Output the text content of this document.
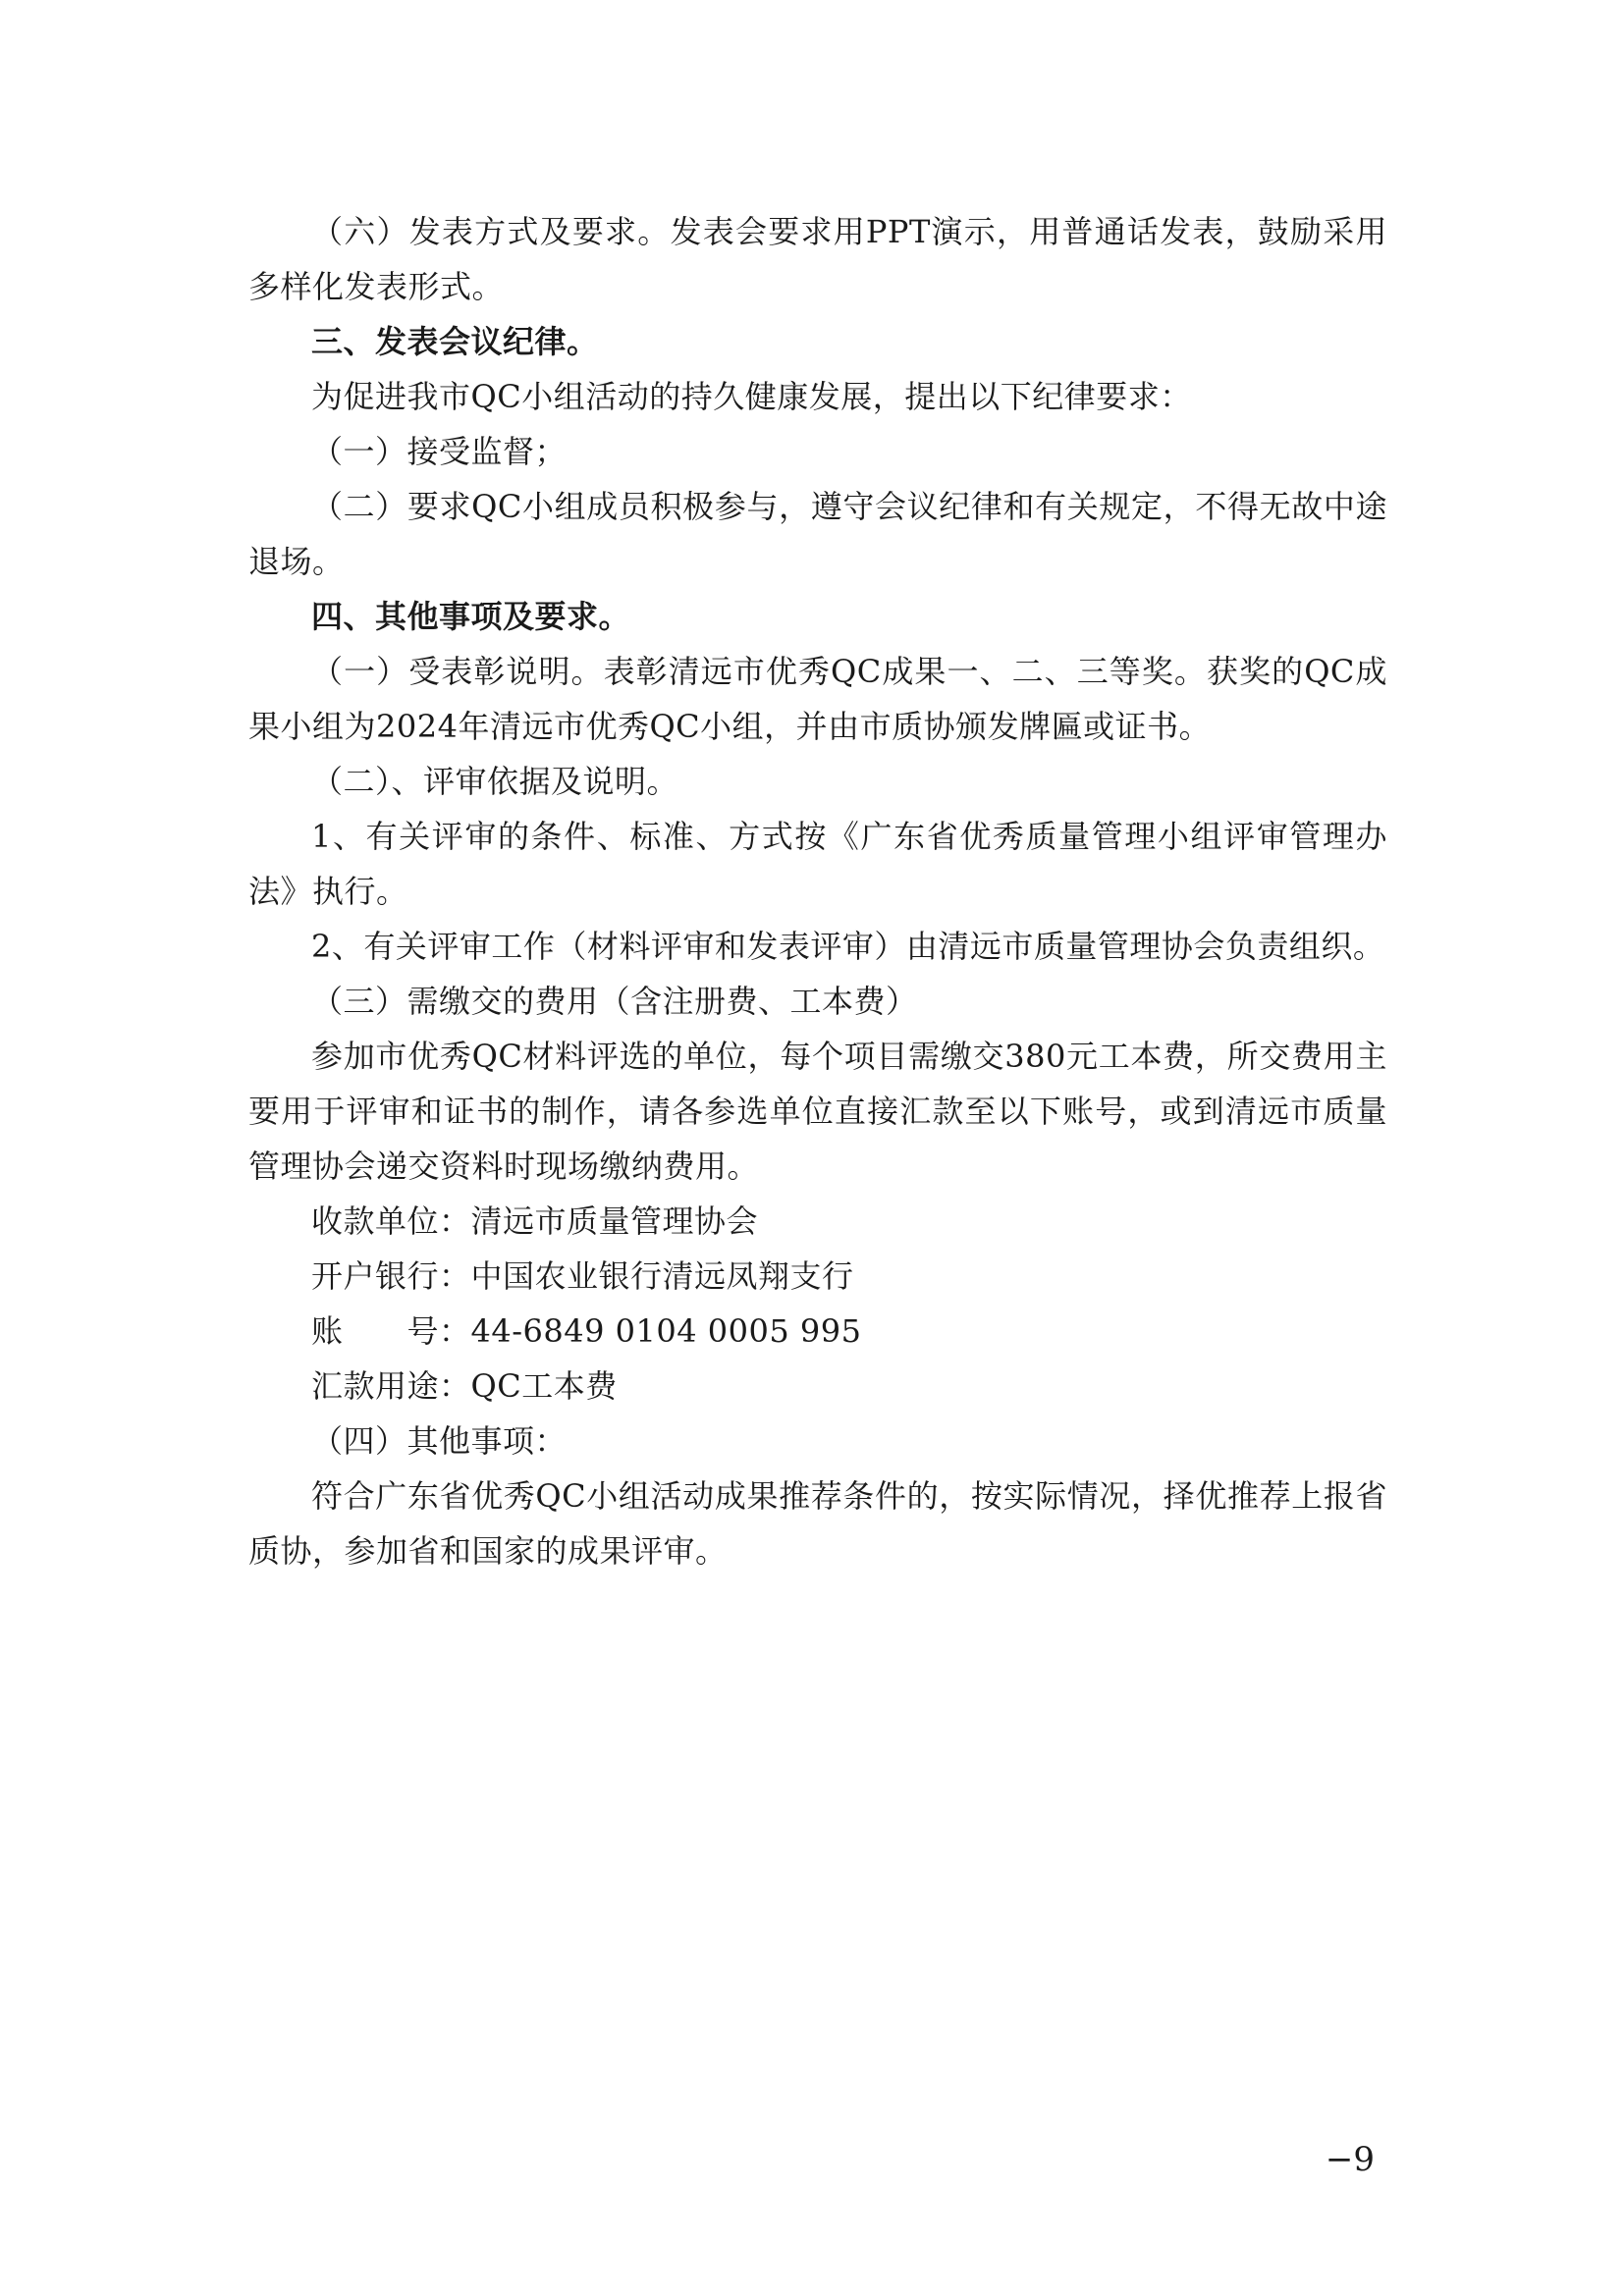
（六）发表方式及要求。发表会要求用PPT演示，用普通话发表，鼓励采用多样化发表形式。

三、发表会议纪律。

为促进我市QC小组活动的持久健康发展，提出以下纪律要求：

（一）接受监督；

（二）要求QC小组成员积极参与，遵守会议纪律和有关规定，不得无故中途退场。

四、其他事项及要求。

（一）受表彰说明。表彰清远市优秀QC成果一、二、三等奖。获奖的QC成果小组为2024年清远市优秀QC小组，并由市质协颁发牌匾或证书。

（二）、评审依据及说明。

1、有关评审的条件、标准、方式按《广东省优秀质量管理小组评审管理办法》执行。

2、有关评审工作（材料评审和发表评审）由清远市质量管理协会负责组织。

（三）需缴交的费用（含注册费、工本费）

参加市优秀QC材料评选的单位，每个项目需缴交380元工本费，所交费用主要用于评审和证书的制作，请各参选单位直接汇款至以下账号，或到清远市质量管理协会递交资料时现场缴纳费用。

收款单位：清远市质量管理协会

开户银行：中国农业银行清远凤翔支行

账　　号：44-6849 0104 0005 995

汇款用途：QC工本费

（四）其他事项：

符合广东省优秀QC小组活动成果推荐条件的，按实际情况，择优推荐上报省质协，参加省和国家的成果评审。

−9
